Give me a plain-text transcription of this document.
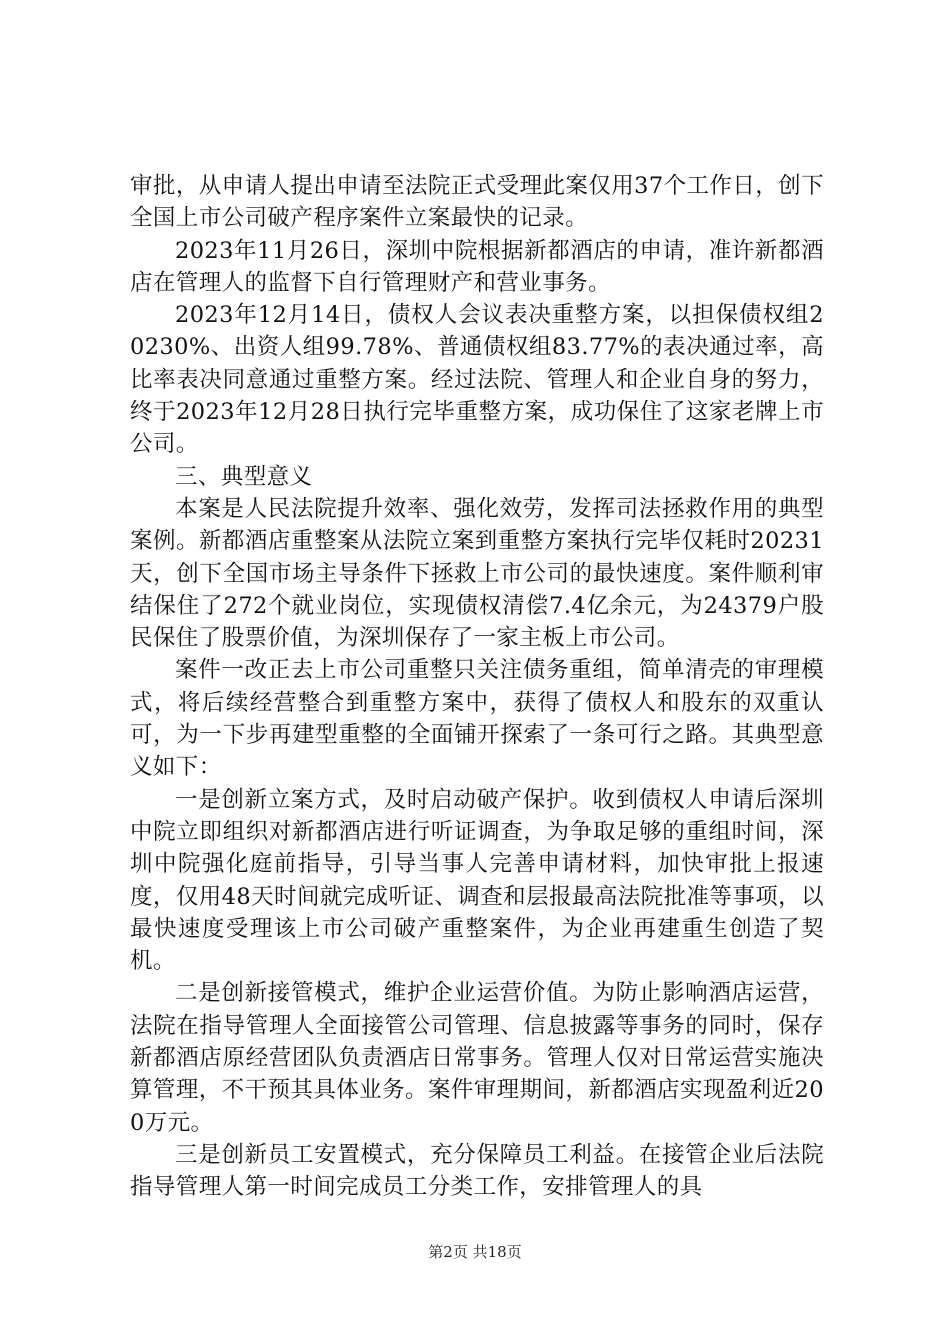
审批，从申请人提出申请至法院正式受理此案仅用37个工作日，创下全国上市公司破产程序案件立案最快的记录。

2023年11月26日，深圳中院根据新都酒店的申请，准许新都酒店在管理人的监督下自行管理财产和营业事务。

2023年12月14日，债权人会议表决重整方案，以担保债权组20230%、出资人组99.78%、普通债权组83.77%的表决通过率，高比率表决同意通过重整方案。经过法院、管理人和企业自身的努力，终于2023年12月28日执行完毕重整方案，成功保住了这家老牌上市公司。

三、典型意义

本案是人民法院提升效率、强化效劳，发挥司法拯救作用的典型案例。新都酒店重整案从法院立案到重整方案执行完毕仅耗时20231天，创下全国市场主导条件下拯救上市公司的最快速度。案件顺利审结保住了272个就业岗位，实现债权清偿7.4亿余元，为24379户股民保住了股票价值，为深圳保存了一家主板上市公司。

案件一改正去上市公司重整只关注债务重组，简单清壳的审理模式，将后续经营整合到重整方案中，获得了债权人和股东的双重认可，为一下步再建型重整的全面铺开探索了一条可行之路。其典型意义如下：

一是创新立案方式，及时启动破产保护。收到债权人申请后深圳中院立即组织对新都酒店进行听证调查，为争取足够的重组时间，深圳中院强化庭前指导，引导当事人完善申请材料，加快审批上报速度，仅用48天时间就完成听证、调查和层报最高法院批准等事项，以最快速度受理该上市公司破产重整案件，为企业再建重生创造了契机。

二是创新接管模式，维护企业运营价值。为防止影响酒店运营，法院在指导管理人全面接管公司管理、信息披露等事务的同时，保存新都酒店原经营团队负责酒店日常事务。管理人仅对日常运营实施决算管理，不干预其具体业务。案件审理期间，新都酒店实现盈利近200万元。

三是创新员工安置模式，充分保障员工利益。在接管企业后法院指导管理人第一时间完成员工分类工作，安排管理人的具

第2页 共18页
